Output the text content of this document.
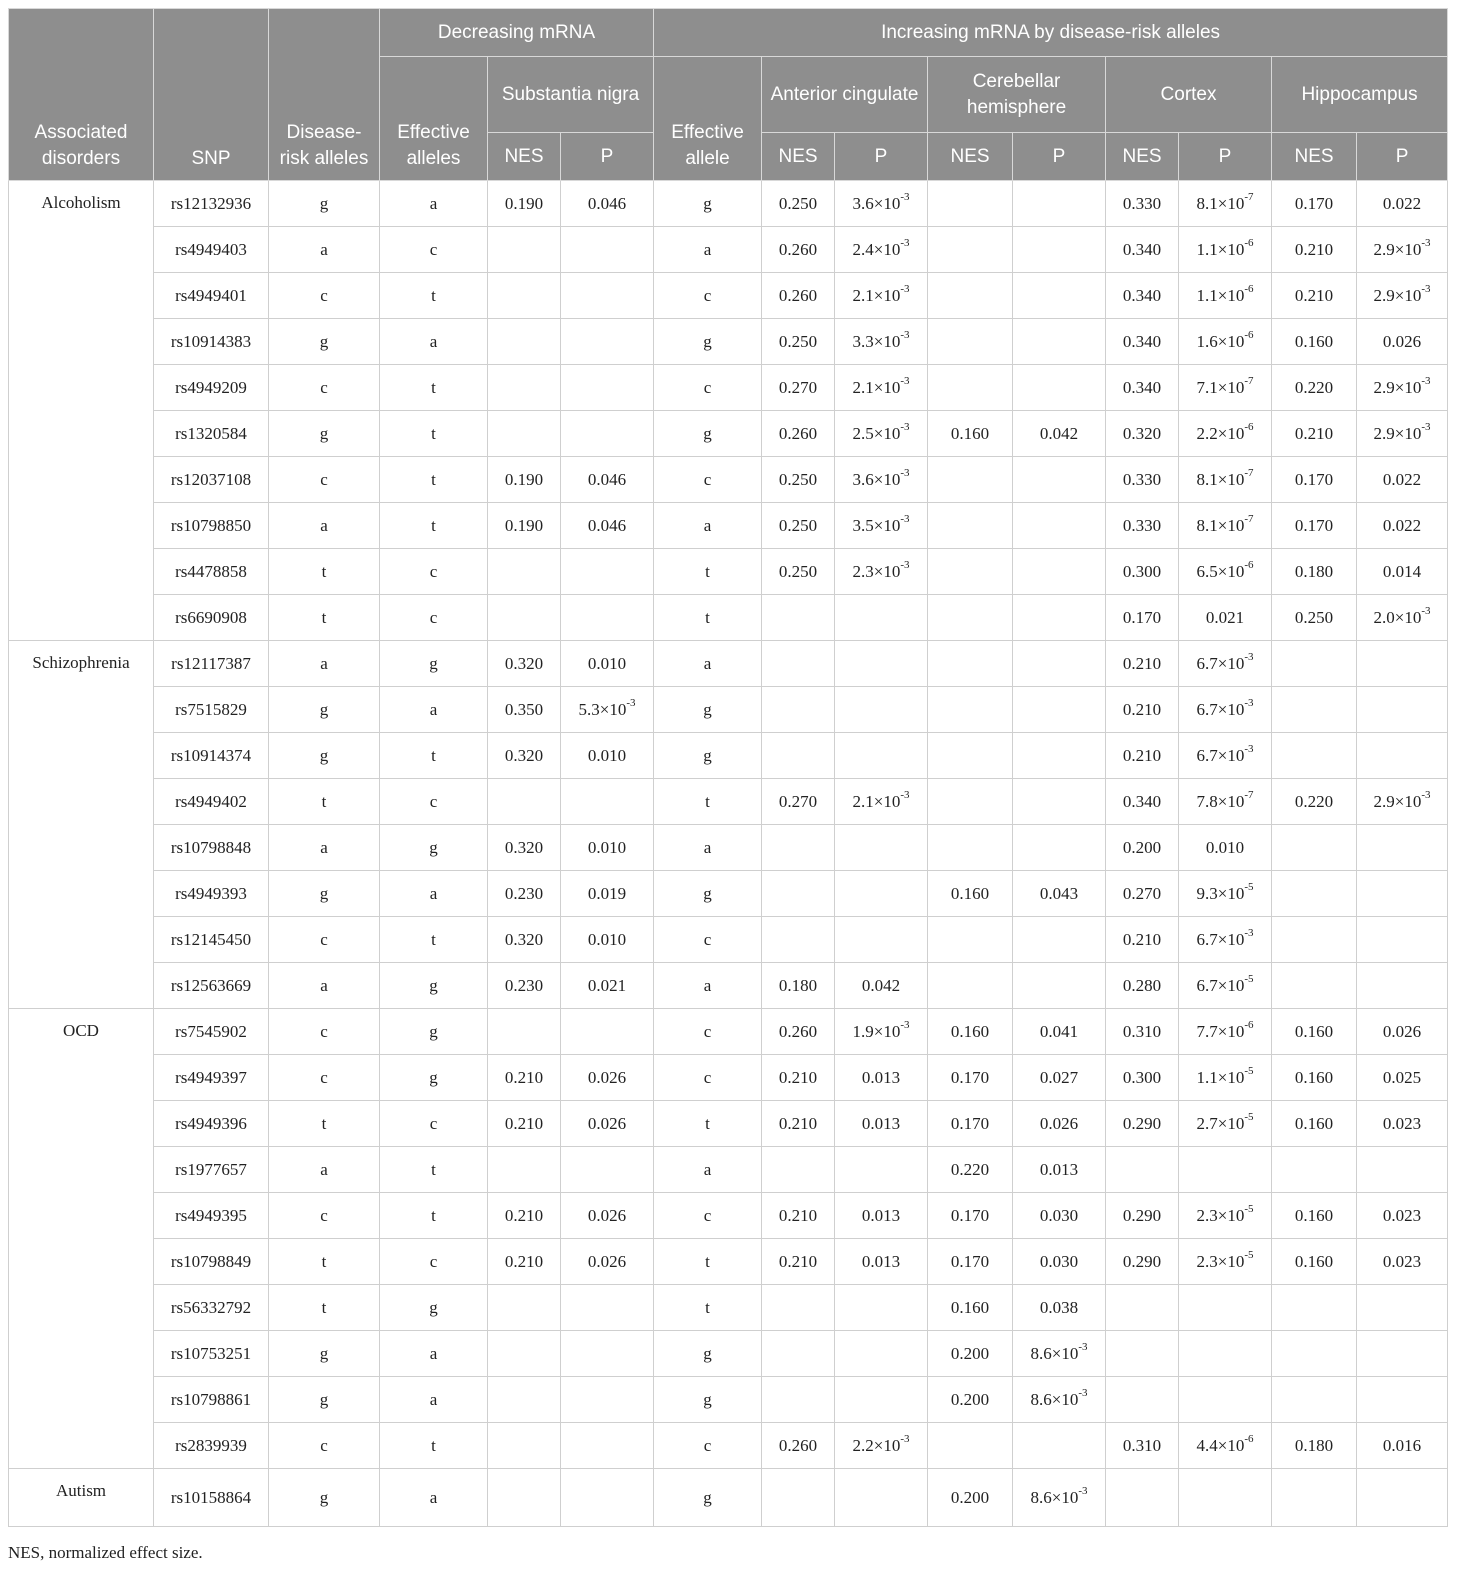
Associated disorders	SNP	Disease-risk alleles	Decreasing mRNA			Increasing mRNA by disease-risk alleles								
			Effective alleles	Substantia nigra		Effective allele	Anterior cingulate		Cerebellar hemisphere		Cortex		Hippocampus	
				NES	P		NES	P	NES	P	NES	P	NES	P
Alcoholism	rs12132936	g	a	0.190	0.046	g	0.250	$3.6\times 10^{-3}$			0.330	$8.1\times 10^{-7}$	0.170	0.022
	rs4949403	a	c			a	0.260	$2.4\times 10^{-3}$			0.340	$1.1\times 10^{-6}$	0.210	$2.9\times 10^{-3}$
	rs4949401	c	t			c	0.260	$2.1\times 10^{-3}$			0.340	$1.1\times 10^{-6}$	0.210	$2.9\times 10^{-3}$
	rs10914383	g	a			g	0.250	$3.3\times 10^{-3}$			0.340	$1.6\times 10^{-6}$	0.160	0.026
	rs4949209	c	t			c	0.270	$2.1\times 10^{-3}$			0.340	$7.1\times 10^{-7}$	0.220	$2.9\times 10^{-3}$
	rs1320584	g	t			g	0.260	$2.5\times 10^{-3}$	0.160	0.042	0.320	$2.2\times 10^{-6}$	0.210	$2.9\times 10^{-3}$
	rs12037108	c	t	0.190	0.046	c	0.250	$3.6\times 10^{-3}$			0.330	$8.1\times 10^{-7}$	0.170	0.022
	rs10798850	a	t	0.190	0.046	a	0.250	$3.5\times 10^{-3}$			0.330	$8.1\times 10^{-7}$	0.170	0.022
	rs4478858	t	c			t	0.250	$2.3\times 10^{-3}$			0.300	$6.5\times 10^{-6}$	0.180	0.014
	rs6690908	t	c			t					0.170	0.021	0.250	$2.0\times 10^{-3}$
Schizophrenia	rs12117387	a	g	0.320	0.010	a					0.210	$6.7\times 10^{-3}$		
	rs7515829	g	a	0.350	$5.3\times 10^{-3}$	g					0.210	$6.7\times 10^{-3}$		
	rs10914374	g	t	0.320	0.010	g					0.210	$6.7\times 10^{-3}$		
	rs4949402	t	c			t	0.270	$2.1\times 10^{-3}$			0.340	$7.8\times 10^{-7}$	0.220	$2.9\times 10^{-3}$
	rs10798848	a	g	0.320	0.010	a					0.200	0.010		
	rs4949393	g	a	0.230	0.019	g			0.160	0.043	0.270	$9.3\times 10^{-5}$		
	rs12145450	c	t	0.320	0.010	c					0.210	$6.7\times 10^{-3}$		
	rs12563669	a	g	0.230	0.021	a	0.180	0.042			0.280	$6.7\times 10^{-5}$		
OCD	rs7545902	c	g			c	0.260	$1.9\times 10^{-3}$	0.160	0.041	0.310	$7.7\times 10^{-6}$	0.160	0.026
	rs4949397	c	g	0.210	0.026	c	0.210	0.013	0.170	0.027	0.300	$1.1\times 10^{-5}$	0.160	0.025
	rs4949396	t	c	0.210	0.026	t	0.210	0.013	0.170	0.026	0.290	$2.7\times 10^{-5}$	0.160	0.023
	rs1977657	a	t			a			0.220	0.013				
	rs4949395	c	t	0.210	0.026	c	0.210	0.013	0.170	0.030	0.290	$2.3\times 10^{-5}$	0.160	0.023
	rs10798849	t	c	0.210	0.026	t	0.210	0.013	0.170	0.030	0.290	$2.3\times 10^{-5}$	0.160	0.023
	rs56332792	t	g			t			0.160	0.038				
	rs10753251	g	a			g			0.200	$8.6\times 10^{-3}$				
	rs10798861	g	a			g			0.200	$8.6\times 10^{-3}$				
	rs2839939	c	t			c	0.260	$2.2\times 10^{-3}$			0.310	$4.4\times 10^{-6}$	0.180	0.016
Autism	rs10158864	g	a			g			0.200	$8.6\times 10^{-3}$				
NES, normalized effect size.
